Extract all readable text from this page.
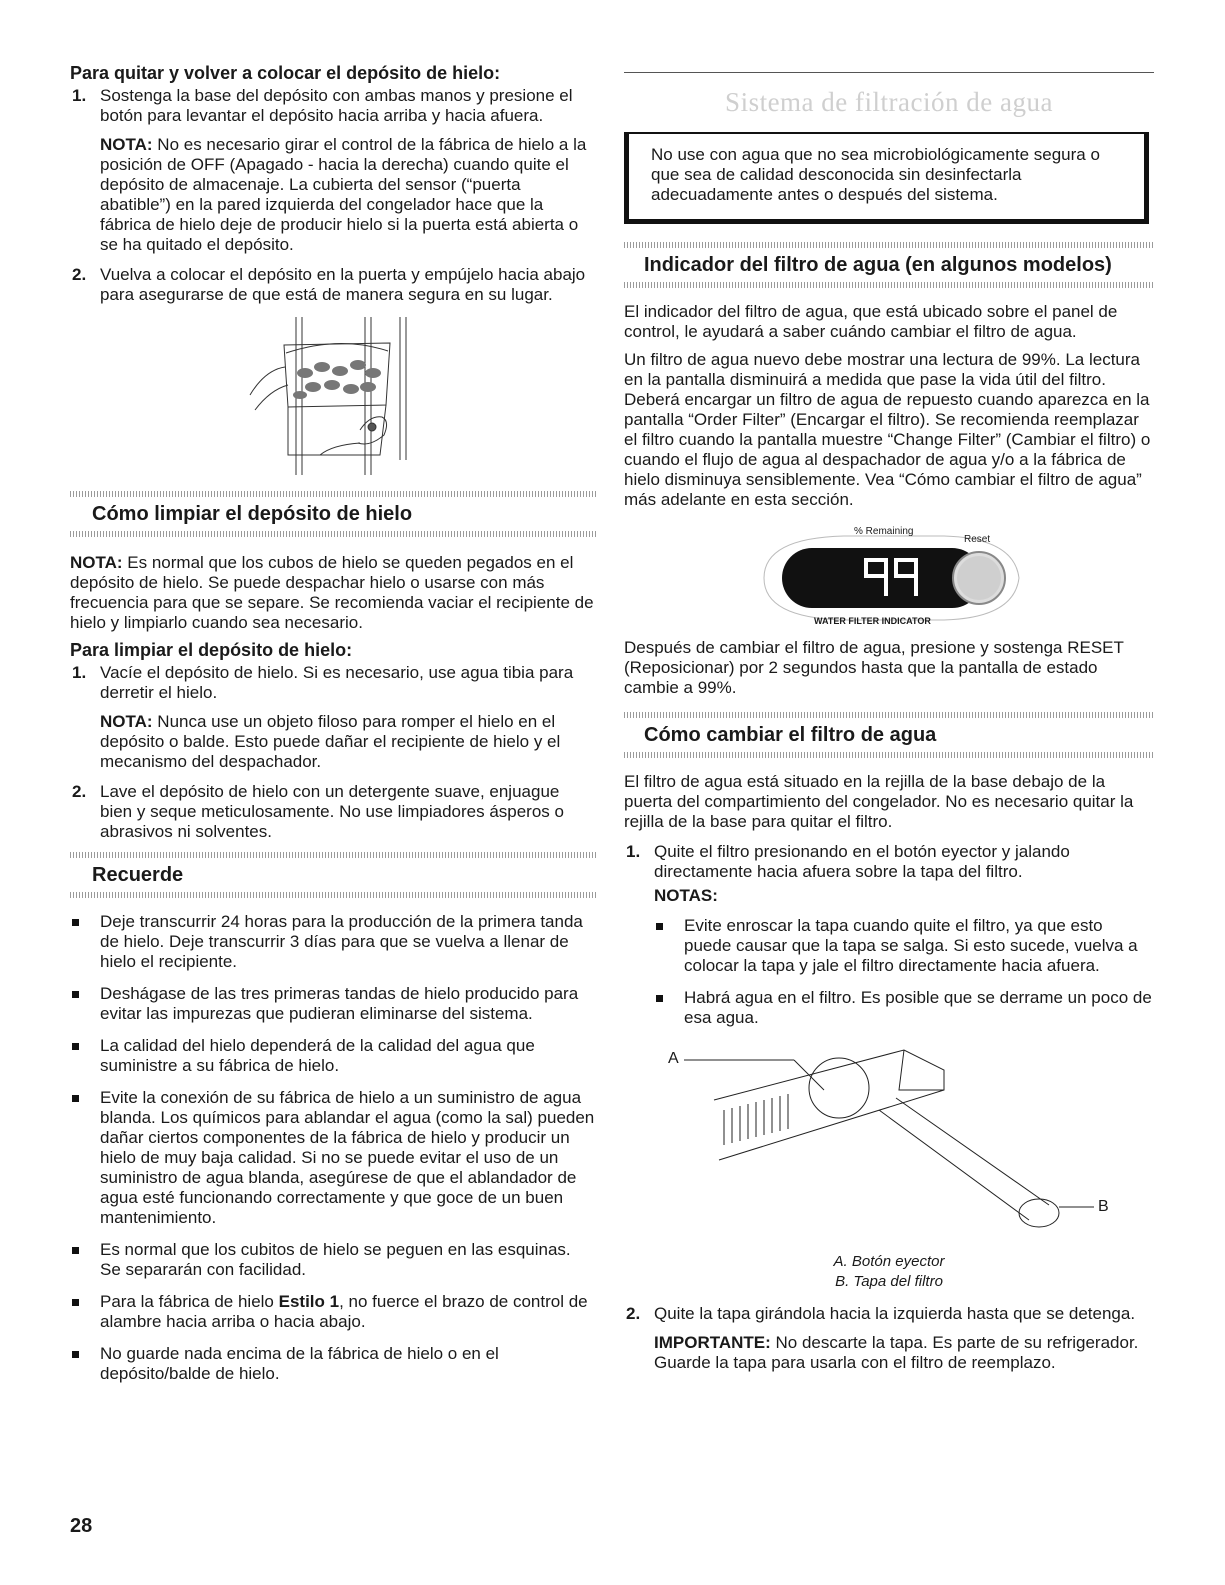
Para quitar y volver a colocar el depósito de hielo:

1. Sostenga la base del depósito con ambas manos y presione el botón para levantar el depósito hacia arriba y hacia afuera.

NOTA: No es necesario girar el control de la fábrica de hielo a la posición de OFF (Apagado - hacia la derecha) cuando quite el depósito de almacenaje. La cubierta del sensor (“puerta abatible”) en la pared izquierda del congelador hace que la fábrica de hielo deje de producir hielo si la puerta está abierta o se ha quitado el depósito.

2. Vuelva a colocar el depósito en la puerta y empújelo hacia abajo para asegurarse de que está de manera segura en su lugar.

Cómo limpiar el depósito de hielo

NOTA: Es normal que los cubos de hielo se queden pegados en el depósito de hielo. Se puede despachar hielo o usarse con más frecuencia para que se separe. Se recomienda vaciar el recipiente de hielo y limpiarlo cuando sea necesario.

Para limpiar el depósito de hielo:

1. Vacíe el depósito de hielo. Si es necesario, use agua tibia para derretir el hielo.

NOTA: Nunca use un objeto filoso para romper el hielo en el depósito o balde. Esto puede dañar el recipiente de hielo y el mecanismo del despachador.

2. Lave el depósito de hielo con un detergente suave, enjuague bien y seque meticulosamente. No use limpiadores ásperos o abrasivos ni solventes.

Recuerde
Deje transcurrir 24 horas para la producción de la primera tanda de hielo. Deje transcurrir 3 días para que se vuelva a llenar de hielo el recipiente.
Deshágase de las tres primeras tandas de hielo producido para evitar las impurezas que pudieran eliminarse del sistema.
La calidad del hielo dependerá de la calidad del agua que suministre a su fábrica de hielo.
Evite la conexión de su fábrica de hielo a un suministro de agua blanda. Los químicos para ablandar el agua (como la sal) pueden dañar ciertos componentes de la fábrica de hielo y producir un hielo de muy baja calidad. Si no se puede evitar el uso de un suministro de agua blanda, asegúrese de que el ablandador de agua esté funcionando correctamente y que goce de un buen mantenimiento.
Es normal que los cubitos de hielo se peguen en las esquinas. Se separarán con facilidad.
Para la fábrica de hielo Estilo 1, no fuerce el brazo de control de alambre hacia arriba o hacia abajo.
No guarde nada encima de la fábrica de hielo o en el depósito/balde de hielo.
Sistema de filtración de agua
No use con agua que no sea microbiológicamente segura o que sea de calidad desconocida sin desinfectarla adecuadamente antes o después del sistema.
Indicador del filtro de agua (en algunos modelos)

El indicador del filtro de agua, que está ubicado sobre el panel de control, le ayudará a saber cuándo cambiar el filtro de agua.

Un filtro de agua nuevo debe mostrar una lectura de 99%. La lectura en la pantalla disminuirá a medida que pase la vida útil del filtro. Deberá encargar un filtro de agua de repuesto cuando aparezca en la pantalla “Order Filter” (Encargar el filtro). Se recomienda reemplazar el filtro cuando la pantalla muestre “Change Filter” (Cambiar el filtro) o cuando el flujo de agua al despachador de agua y/o a la fábrica de hielo disminuya sensiblemente. Vea “Cómo cambiar el filtro de agua” más adelante en esta sección.

% Remaining
Reset
WATER FILTER INDICATOR

Después de cambiar el filtro de agua, presione y sostenga RESET (Reposicionar) por 2 segundos hasta que la pantalla de estado cambie a 99%.

Cómo cambiar el filtro de agua

El filtro de agua está situado en la rejilla de la base debajo de la puerta del compartimiento del congelador. No es necesario quitar la rejilla de la base para quitar el filtro.

1. Quite el filtro presionando en el botón eyector y jalando directamente hacia afuera sobre la tapa del filtro.

NOTAS:

Evite enroscar la tapa cuando quite el filtro, ya que esto puede causar que la tapa se salga. Si esto sucede, vuelva a colocar la tapa y jale el filtro directamente hacia afuera.
Habrá agua en el filtro. Es posible que se derrame un poco de esa agua.
A
B
A. Botón eyector
B. Tapa del filtro
2. Quite la tapa girándola hacia la izquierda hasta que se detenga.

IMPORTANTE: No descarte la tapa. Es parte de su refrigerador. Guarde la tapa para usarla con el filtro de reemplazo.

28
